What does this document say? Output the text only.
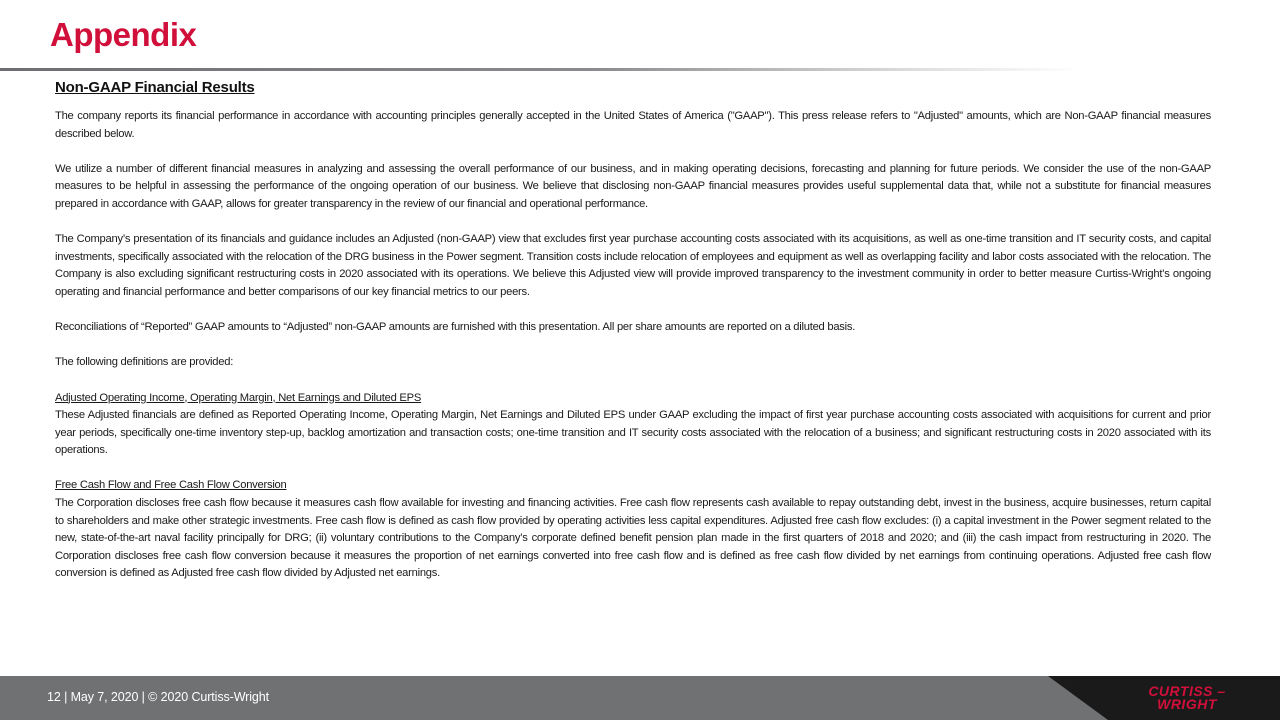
Appendix
Non-GAAP Financial Results

The company reports its financial performance in accordance with accounting principles generally accepted in the United States of America ("GAAP"). This press release refers to "Adjusted" amounts, which are Non-GAAP financial measures described below.

We utilize a number of different financial measures in analyzing and assessing the overall performance of our business, and in making operating decisions, forecasting and planning for future periods. We consider the use of the non-GAAP measures to be helpful in assessing the performance of the ongoing operation of our business. We believe that disclosing non-GAAP financial measures provides useful supplemental data that, while not a substitute for financial measures prepared in accordance with GAAP, allows for greater transparency in the review of our financial and operational performance.

The Company’s presentation of its financials and guidance includes an Adjusted (non-GAAP) view that excludes first year purchase accounting costs associated with its acquisitions, as well as one-time transition and IT security costs, and capital investments, specifically associated with the relocation of the DRG business in the Power segment. Transition costs include relocation of employees and equipment as well as overlapping facility and labor costs associated with the relocation. The Company is also excluding significant restructuring costs in 2020 associated with its operations. We believe this Adjusted view will provide improved transparency to the investment community in order to better measure Curtiss-Wright’s ongoing operating and financial performance and better comparisons of our key financial metrics to our peers.

Reconciliations of “Reported” GAAP amounts to “Adjusted” non-GAAP amounts are furnished with this presentation. All per share amounts are reported on a diluted basis.

The following definitions are provided:

Adjusted Operating Income, Operating Margin, Net Earnings and Diluted EPS

These Adjusted financials are defined as Reported Operating Income, Operating Margin, Net Earnings and Diluted EPS under GAAP excluding the impact of first year purchase accounting costs associated with acquisitions for current and prior year periods, specifically one-time inventory step-up, backlog amortization and transaction costs; one-time transition and IT security costs associated with the relocation of a business; and significant restructuring costs in 2020 associated with its operations.

Free Cash Flow and Free Cash Flow Conversion

The Corporation discloses free cash flow because it measures cash flow available for investing and financing activities. Free cash flow represents cash available to repay outstanding debt, invest in the business, acquire businesses, return capital to shareholders and make other strategic investments. Free cash flow is defined as cash flow provided by operating activities less capital expenditures. Adjusted free cash flow excludes: (i) a capital investment in the Power segment related to the new, state-of-the-art naval facility principally for DRG; (ii) voluntary contributions to the Company’s corporate defined benefit pension plan made in the first quarters of 2018 and 2020; and (iii) the cash impact from restructuring in 2020. The Corporation discloses free cash flow conversion because it measures the proportion of net earnings converted into free cash flow and is defined as free cash flow divided by net earnings from continuing operations. Adjusted free cash flow conversion is defined as Adjusted free cash flow divided by Adjusted net earnings.

12 | May 7, 2020 | © 2020 Curtiss-Wright	CURTISS –
WRIGHT
